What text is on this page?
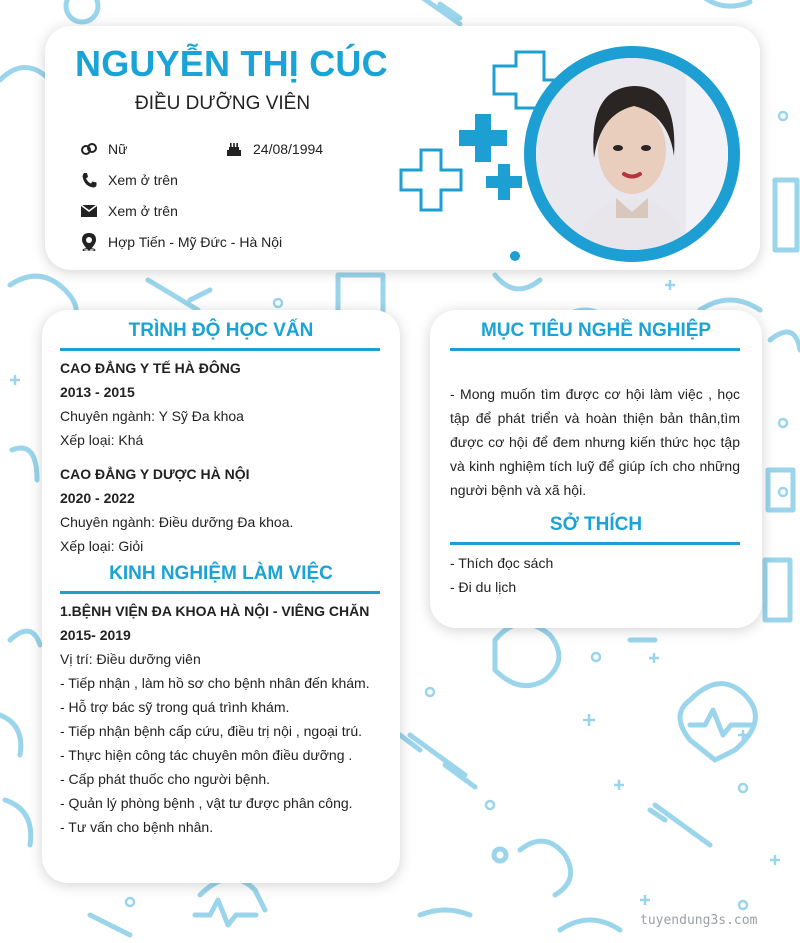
NGUYỄN THỊ CÚC
ĐIỀU DƯỠNG VIÊN
Nữ	24/08/1994
Xem ở trên
Xem ở trên
Hợp Tiến - Mỹ Đức - Hà Nội
TRÌNH ĐỘ HỌC VẤN
CAO ĐẲNG Y TẾ HÀ ĐÔNG
2013 - 2015
Chuyên ngành: Y Sỹ Đa khoa
Xếp loại: Khá
CAO ĐẲNG Y DƯỢC HÀ NỘI
2020 - 2022
Chuyên ngành: Điều dưỡng Đa khoa.
Xếp loại: Giỏi
KINH NGHIỆM LÀM VIỆC
1.BỆNH VIỆN ĐA KHOA HÀ NỘI - VIÊNG CHĂN
2015- 2019
Vị trí: Điều dưỡng viên
- Tiếp nhận , làm hồ sơ cho bệnh nhân đến khám.
- Hỗ trợ bác sỹ trong quá trình khám.
- Tiếp nhận bệnh cấp cứu, điều trị nội , ngoại trú.
- Thực hiện công tác chuyên môn điều dưỡng .
- Cấp phát thuốc cho người bệnh.
- Quản lý phòng bệnh , vật tư được phân công.
- Tư vấn cho bệnh nhân.
MỤC TIÊU NGHỀ NGHIỆP
- Mong muốn tìm được cơ hội làm việc , học tập để phát triển và hoàn thiện bản thân,tìm được cơ hội để đem nhưng kiến thức học tập và kinh nghiệm tích luỹ để giúp ích cho những người bệnh và xã hội.
SỞ THÍCH
- Thích đọc sách
- Đi du lịch
tuyendung3s.com
